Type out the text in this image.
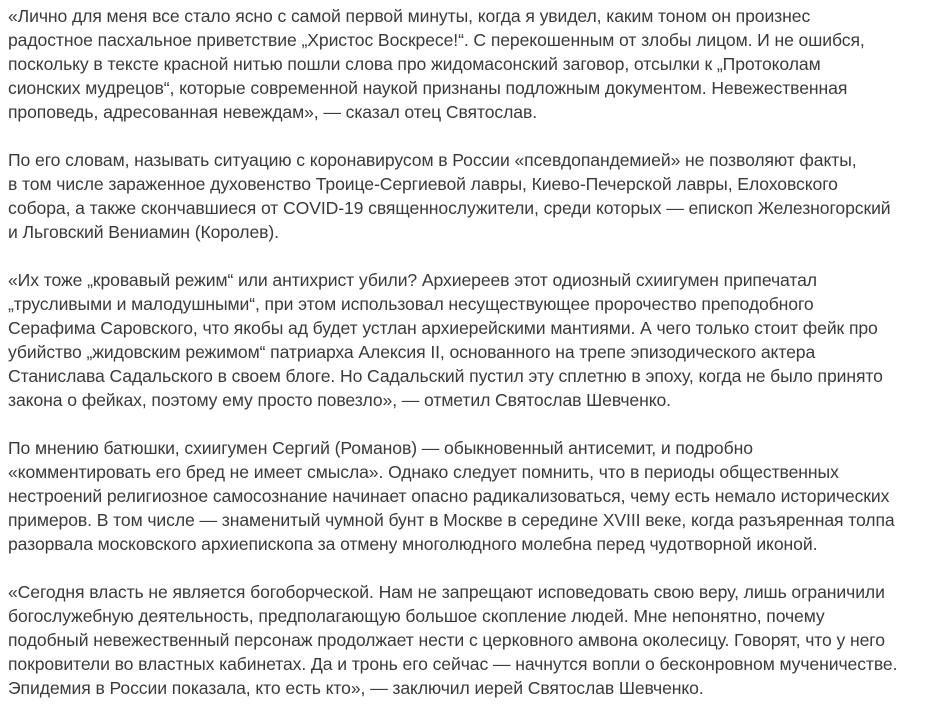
«Лично для меня все стало ясно с самой первой минуты, когда я увидел, каким тоном он произнес
радостное пасхальное приветствие „Христос Воскресе!“. С перекошенным от злобы лицом. И не ошибся,
поскольку в тексте красной нитью пошли слова про жидомасонский заговор, отсылки к „Протоколам
сионских мудрецов“, которые современной наукой признаны подложным документом. Невежественная
проповедь, адресованная невеждам», — сказал отец Святослав.

По его словам, называть ситуацию с коронавирусом в России «псевдопандемией» не позволяют факты,
в том числе зараженное духовенство Троице-Сергиевой лавры, Киево-Печерской лавры, Елоховского
собора, а также скончавшиеся от COVID-19 священнослужители, среди которых — епископ Железногорский
и Льговский Вениамин (Королев).

«Их тоже „кровавый режим“ или антихрист убили? Архиереев этот одиозный схиигумен припечатал
„трусливыми и малодушными“, при этом использовал несуществующее пророчество преподобного
Серафима Саровского, что якобы ад будет устлан архиерейскими мантиями. А чего только стоит фейк про
убийство „жидовским режимом“ патриарха Алексия II, основанного на трепе эпизодического актера
Станислава Садальского в своем блоге. Но Садальский пустил эту сплетню в эпоху, когда не было принято
закона о фейках, поэтому ему просто повезло», — отметил Святослав Шевченко.

По мнению батюшки, схиигумен Сергий (Романов) — обыкновенный антисемит, и подробно
«комментировать его бред не имеет смысла». Однако следует помнить, что в периоды общественных
нестроений религиозное самосознание начинает опасно радикализоваться, чему есть немало исторических
примеров. В том числе — знаменитый чумной бунт в Москве в середине XVIII веке, когда разъяренная толпа
разорвала московского архиепископа за отмену многолюдного молебна перед чудотворной иконой.

«Сегодня власть не является богоборческой. Нам не запрещают исповедовать свою веру, лишь ограничили
богослужебную деятельность, предполагающую большое скопление людей. Мне непонятно, почему
подобный невежественный персонаж продолжает нести с церковного амвона околесицу. Говорят, что у него
покровители во властных кабинетах. Да и тронь его сейчас — начнутся вопли о бесконровном мученичестве.
Эпидемия в России показала, кто есть кто», — заключил иерей Святослав Шевченко.
